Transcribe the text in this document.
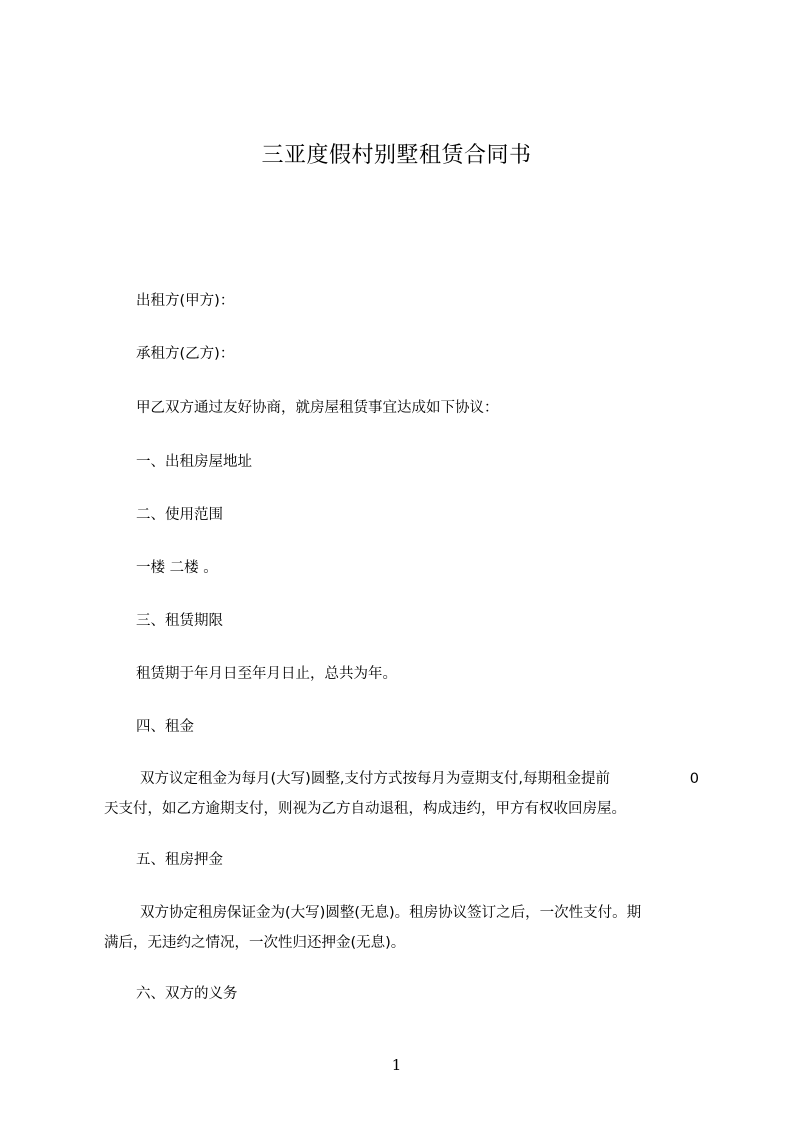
三亚度假村别墅租赁合同书
出租方(甲方)：
承租方(乙方)：
甲乙双方通过友好协商，就房屋租赁事宜达成如下协议：
一、出租房屋地址
二、使用范围
一楼 二楼 。
三、租赁期限
租赁期于年月日至年月日止，总共为年。
四、租金
双方议定租金为每月(大写)圆整,支付方式按每月为壹期支付,每期租金提前	0
天支付，如乙方逾期支付，则视为乙方自动退租，构成违约，甲方有权收回房屋。
五、租房押金
双方协定租房保证金为(大写)圆整(无息)。租房协议签订之后，一次性支付。期
满后，无违约之情况，一次性归还押金(无息)。
六、双方的义务
1
